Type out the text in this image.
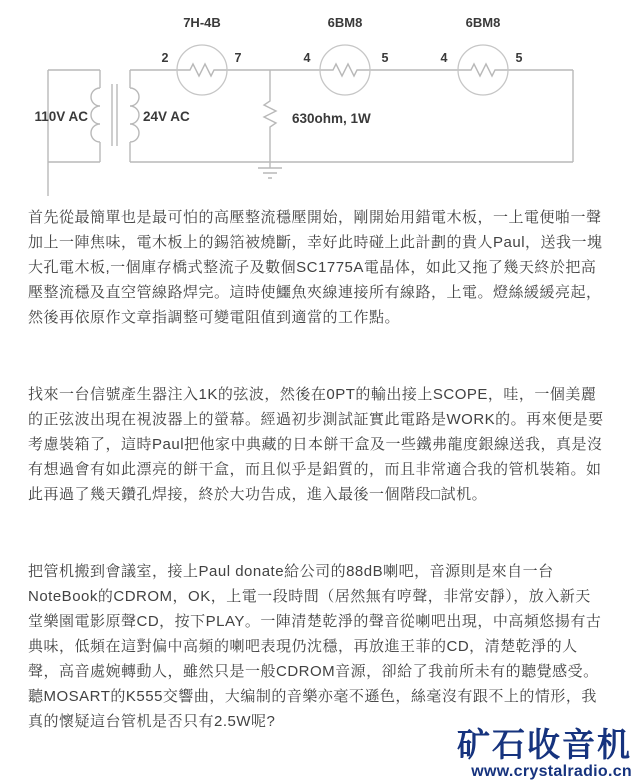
7H-4B	6BM8	6BM8
2	7	4	5	4	5
110V AC	24V AC	630ohm, 1W

首先從最簡單也是最可怕的高壓整流穩壓開始，剛開始用錯電木板，一上電便啪一聲加上一陣焦味，電木板上的錫箔被燒斷，幸好此時碰上此計劃的貴人Paul，送我一塊大孔電木板,一個庫存橋式整流子及數個SC1775A電晶体，如此又拖了幾天終於把高壓整流穩及直空管線路焊完。這時使鱷魚夾線連接所有線路，上電。燈絲緩緩亮起，然後再依原作文章指調整可變電阻值到適當的工作點。

找來一台信號產生器注入1K的弦波，然後在0PT的輸出接上SCOPE，哇，一個美麗的正弦波出現在視波器上的螢幕。經過初步測試証實此電路是WORK的。再來便是要考慮裝箱了，這時Paul把他家中典藏的日本餅干盒及一些鐵弗龍度銀線送我，真是沒有想過會有如此漂亮的餅干盒，而且似乎是鋁質的，而且非常適合我的管机裝箱。如此再過了幾天鑽孔焊接，終於大功告成，進入最後一個階段□試机。

把管机搬到會議室，接上Paul donate給公司的88dB喇吧，音源則是來自一台NoteBook的CDROM，OK，上電一段時間（居然無有哼聲，非常安靜），放入新天堂樂園電影原聲CD，按下PLAY。一陣清楚乾淨的聲音從喇吧出現，中高頻悠揚有古典味，低頻在這對偏中高頻的喇吧表現仍沈穩，再放進王菲的CD，清楚乾淨的人聲，高音處婉轉動人，雖然只是一般CDROM音源，卻給了我前所未有的聽覺感受。聽MOSART的K555交響曲，大编制的音樂亦毫不遜色，絲毫沒有跟不上的情形，我真的懷疑這台管机是否只有2.5W呢?

矿石收音机
www.crystalradio.cn
